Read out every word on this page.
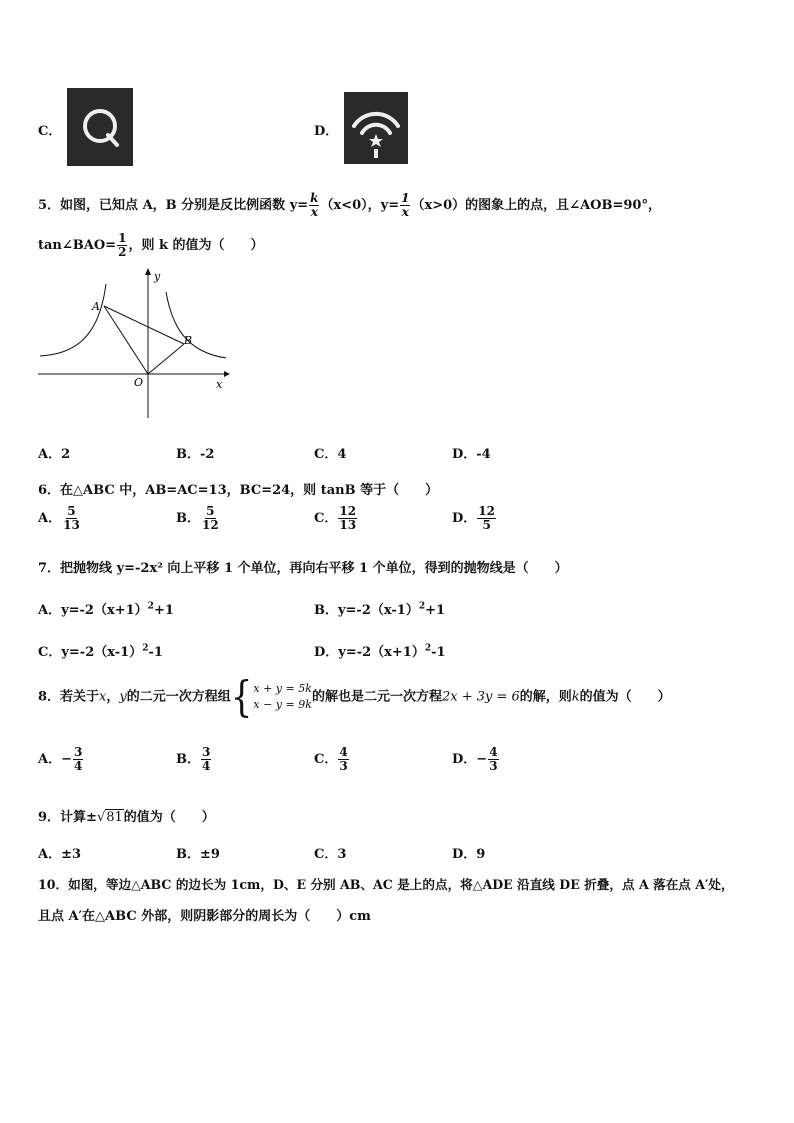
C．	D．
5．如图，已知点 A，B 分别是反比例函数 $y= \frac{k}{x} (x<0)$，$y= \frac{1}{x} (x>0)$的图象上的点，且∠AOB=90°，
tan∠BAO= $\frac{1}{2}$ ，则 k 的值为（　　）
y
x
A
B
O
A．2	B．-2	C．4	D．-4
6．在△ABC 中，AB=AC=13，BC=24，则 tanB 等于（　　）
A． $\frac{5}{13}$	B． $\frac{5}{12}$	C． $\frac{12}{13}$	D． $\frac{12}{5}$
7．把抛物线 y=-2x² 向上平移 1 个单位，再向右平移 1 个单位，得到的抛物线是（　　）
A．$y=-2(x+1)^2+1$	B．$y=-2(x-1)^2+1$
C．$y=-2(x-1)^2-1$	D．$y=-2(x+1)^2-1$
8．若关于x，y的二元一次方程组 { x + y = 5k
x − y = 9k 的解也是二元一次方程2x + 3y = 6的解，则k的值为（　　）
A．− $\frac{3}{4}$	B． $\frac{3}{4}$	C． $\frac{4}{3}$	D．− $\frac{4}{3}$
9．计算±√81的值为（　　）
A．±3	B．±9	C．3	D．9
10．如图，等边△ABC 的边长为 1cm，D、E 分别 AB、AC 是上的点，将△ADE 沿直线 DE 折叠，点 A 落在点 A′处，
且点 A′在△ABC 外部，则阴影部分的周长为（　　）cm
